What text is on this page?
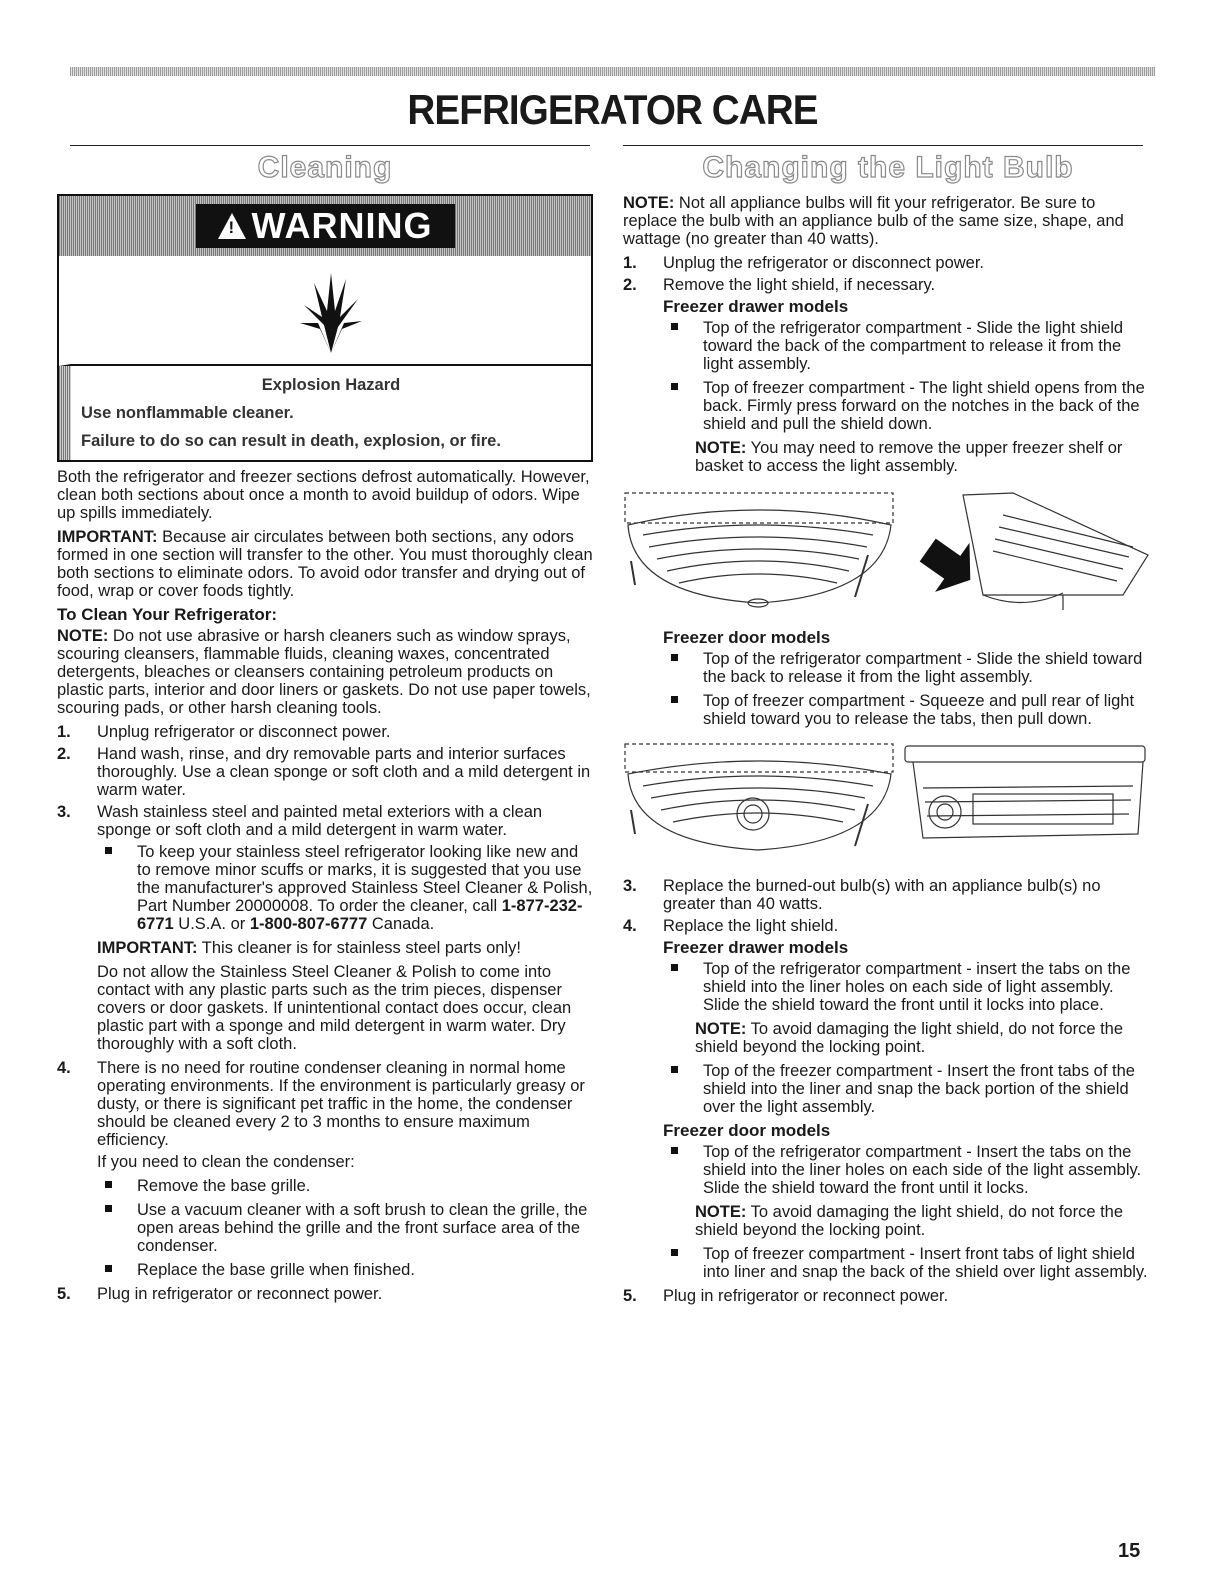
REFRIGERATOR CARE
Cleaning
! WARNING
Explosion Hazard
Use nonflammable cleaner.
Failure to do so can result in death, explosion, or fire.

Both the refrigerator and freezer sections defrost automatically. However, clean both sections about once a month to avoid buildup of odors. Wipe up spills immediately.

IMPORTANT: Because air circulates between both sections, any odors formed in one section will transfer to the other. You must thoroughly clean both sections to eliminate odors. To avoid odor transfer and drying out of food, wrap or cover foods tightly.

To Clean Your Refrigerator:

NOTE: Do not use abrasive or harsh cleaners such as window sprays, scouring cleansers, flammable fluids, cleaning waxes, concentrated detergents, bleaches or cleansers containing petroleum products on plastic parts, interior and door liners or gaskets. Do not use paper towels, scouring pads, or other harsh cleaning tools.

1.	Unplug refrigerator or disconnect power.
2.	Hand wash, rinse, and dry removable parts and interior surfaces thoroughly. Use a clean sponge or soft cloth and a mild detergent in warm water.
3.	Wash stainless steel and painted metal exteriors with a clean sponge or soft cloth and a mild detergent in warm water.
To keep your stainless steel refrigerator looking like new and to remove minor scuffs or marks, it is suggested that you use the manufacturer's approved Stainless Steel Cleaner & Polish, Part Number 20000008. To order the cleaner, call 1-877-232-6771 U.S.A. or 1-800-807-6777 Canada.

IMPORTANT: This cleaner is for stainless steel parts only!

Do not allow the Stainless Steel Cleaner & Polish to come into contact with any plastic parts such as the trim pieces, dispenser covers or door gaskets. If unintentional contact does occur, clean plastic part with a sponge and mild detergent in warm water. Dry thoroughly with a soft cloth.

4.	There is no need for routine condenser cleaning in normal home operating environments. If the environment is particularly greasy or dusty, or there is significant pet traffic in the home, the condenser should be cleaned every 2 to 3 months to ensure maximum efficiency.

If you need to clean the condenser:

Remove the base grille.
Use a vacuum cleaner with a soft brush to clean the grille, the open areas behind the grille and the front surface area of the condenser.
Replace the base grille when finished.
5.	Plug in refrigerator or reconnect power.
Changing the Light Bulb

NOTE: Not all appliance bulbs will fit your refrigerator. Be sure to replace the bulb with an appliance bulb of the same size, shape, and wattage (no greater than 40 watts).

1.	Unplug the refrigerator or disconnect power.
2.	Remove the light shield, if necessary.
Freezer drawer models
Top of the refrigerator compartment - Slide the light shield toward the back of the compartment to release it from the light assembly.
Top of freezer compartment - The light shield opens from the back. Firmly press forward on the notches in the back of the shield and pull the shield down.

NOTE: You may need to remove the upper freezer shelf or basket to access the light assembly.

Freezer door models
Top of the refrigerator compartment - Slide the shield toward the back to release it from the light assembly.
Top of freezer compartment - Squeeze and pull rear of light shield toward you to release the tabs, then pull down.
3.	Replace the burned-out bulb(s) with an appliance bulb(s) no greater than 40 watts.
4.	Replace the light shield.
Freezer drawer models
Top of the refrigerator compartment - insert the tabs on the shield into the liner holes on each side of light assembly. Slide the shield toward the front until it locks into place.

NOTE: To avoid damaging the light shield, do not force the shield beyond the locking point.

Top of the freezer compartment - Insert the front tabs of the shield into the liner and snap the back portion of the shield over the light assembly.
Freezer door models
Top of the refrigerator compartment - Insert the tabs on the shield into the liner holes on each side of the light assembly. Slide the shield toward the front until it locks.

NOTE: To avoid damaging the light shield, do not force the shield beyond the locking point.

Top of freezer compartment - Insert front tabs of light shield into liner and snap the back of the shield over light assembly.
5.	Plug in refrigerator or reconnect power.
15
